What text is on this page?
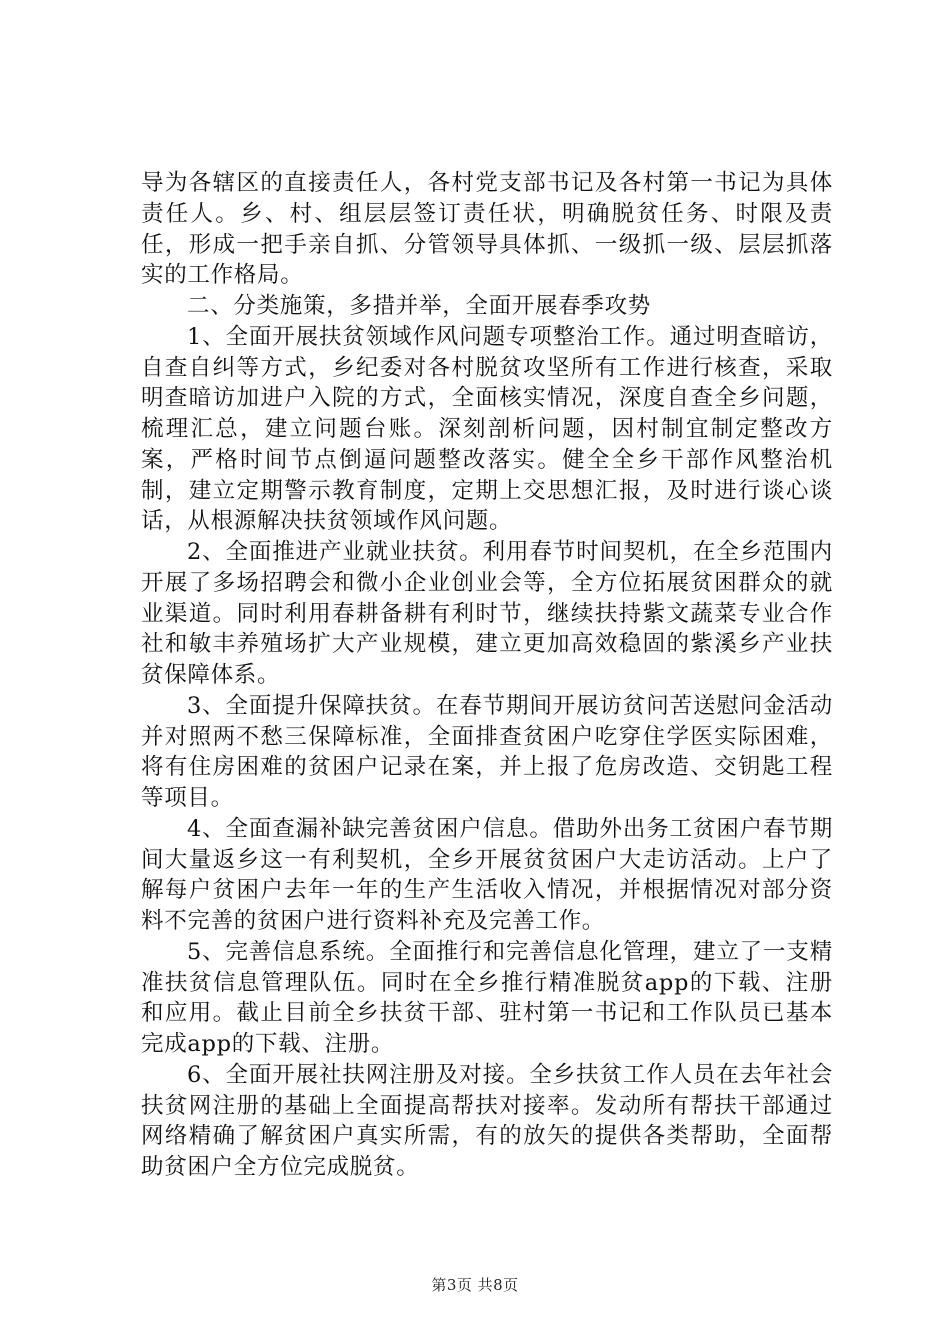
导为各辖区的直接责任人，各村党支部书记及各村第一书记为具体责任人。乡、村、组层层签订责任状，明确脱贫任务、时限及责任，形成一把手亲自抓、分管领导具体抓、一级抓一级、层层抓落实的工作格局。

二、分类施策，多措并举，全面开展春季攻势

1、全面开展扶贫领域作风问题专项整治工作。通过明查暗访，自查自纠等方式，乡纪委对各村脱贫攻坚所有工作进行核查，采取明查暗访加进户入院的方式，全面核实情况，深度自查全乡问题，梳理汇总，建立问题台账。深刻剖析问题，因村制宜制定整改方案，严格时间节点倒逼问题整改落实。健全全乡干部作风整治机制，建立定期警示教育制度，定期上交思想汇报，及时进行谈心谈话，从根源解决扶贫领域作风问题。

2、全面推进产业就业扶贫。利用春节时间契机，在全乡范围内开展了多场招聘会和微小企业创业会等，全方位拓展贫困群众的就业渠道。同时利用春耕备耕有利时节，继续扶持紫文蔬菜专业合作社和敏丰养殖场扩大产业规模，建立更加高效稳固的紫溪乡产业扶贫保障体系。

3、全面提升保障扶贫。在春节期间开展访贫问苦送慰问金活动并对照两不愁三保障标准，全面排查贫困户吃穿住学医实际困难，将有住房困难的贫困户记录在案，并上报了危房改造、交钥匙工程等项目。

4、全面查漏补缺完善贫困户信息。借助外出务工贫困户春节期间大量返乡这一有利契机，全乡开展贫贫困户大走访活动。上户了解每户贫困户去年一年的生产生活收入情况，并根据情况对部分资料不完善的贫困户进行资料补充及完善工作。

5、完善信息系统。全面推行和完善信息化管理，建立了一支精准扶贫信息管理队伍。同时在全乡推行精准脱贫app的下载、注册和应用。截止目前全乡扶贫干部、驻村第一书记和工作队员已基本完成app的下载、注册。

6、全面开展社扶网注册及对接。全乡扶贫工作人员在去年社会扶贫网注册的基础上全面提高帮扶对接率。发动所有帮扶干部通过网络精确了解贫困户真实所需，有的放矢的提供各类帮助，全面帮助贫困户全方位完成脱贫。

第3页 共8页
